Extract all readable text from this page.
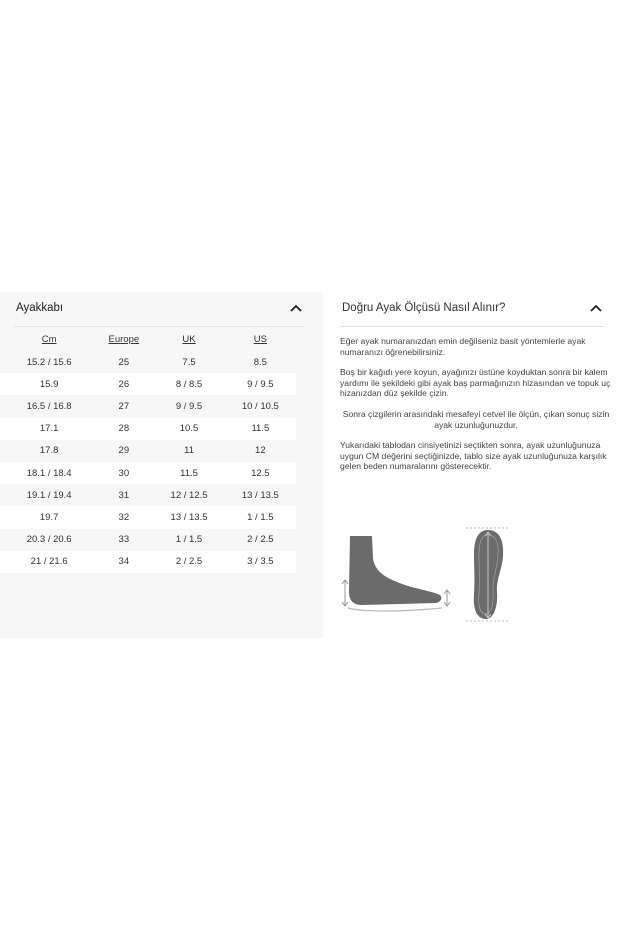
Ayakkabı
Cm	Europe	UK	US
15.2 / 15.6	25	7.5	8.5
15.9	26	8 / 8.5	9 / 9.5
16.5 / 16.8	27	9 / 9.5	10 / 10.5
17.1	28	10.5	11.5
17.8	29	11	12
18.1 / 18.4	30	11.5	12.5
19.1 / 19.4	31	12 / 12.5	13 / 13.5
19.7	32	13 / 13.5	1 / 1.5
20.3 / 20.6	33	1 / 1.5	2 / 2.5
21 / 21.6	34	2 / 2.5	3 / 3.5
Doğru Ayak Ölçüsü Nasıl Alınır?

Eğer ayak numaranızdan emin değilseniz basit yöntemlerle ayak numaranızı öğrenebilirsiniz.

Boş bir kağıdı yere koyun, ayağınızı üstüne koyduktan sonra bir kalem yardımı ile şekildeki gibi ayak baş parmağınızın hizasından ve topuk uç hizanızdan düz şekilde çizin.

Sonra çizgilerin arasındaki mesafeyi cetvel ile ölçün, çıkan sonuç sizin ayak uzunluğunuzdur.

Yukarıdaki tablodan cinsiyetinizi seçtikten sonra, ayak uzunluğunuza uygun CM değerini seçtiğinizde, tablo size ayak uzunluğunuza karşılık gelen beden numaralarını gösterecektir.
